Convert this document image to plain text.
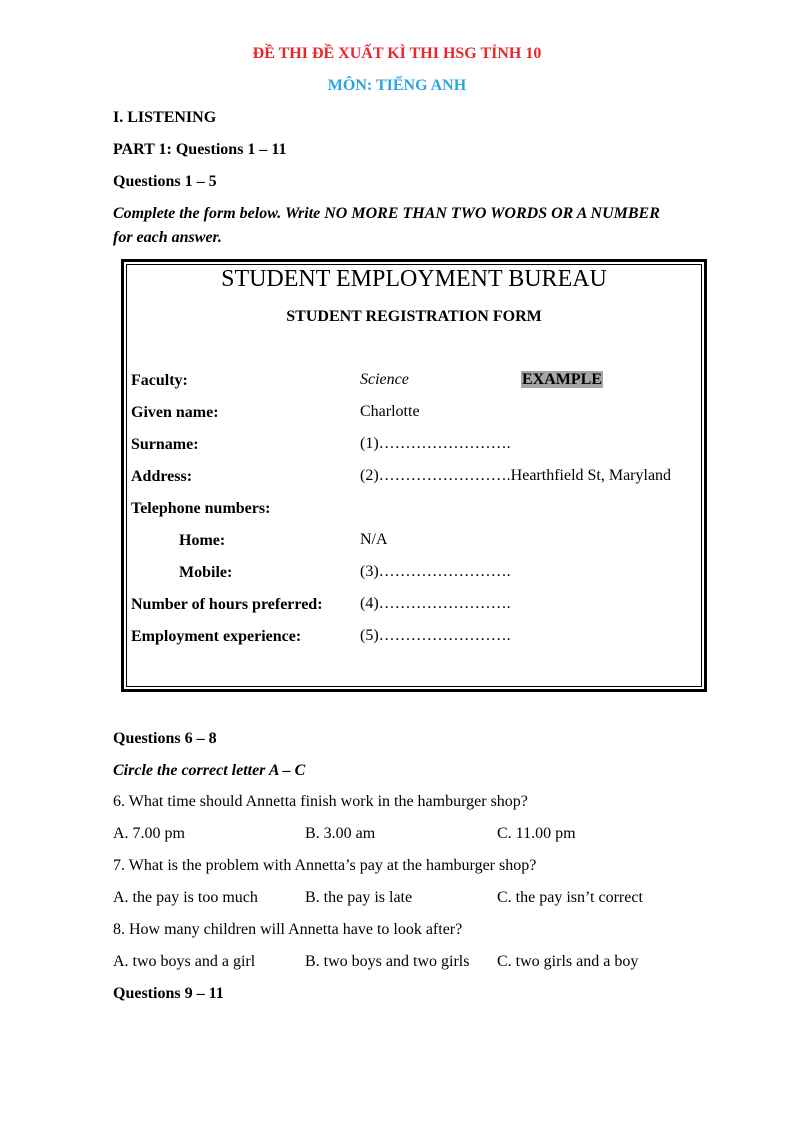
ĐỀ THI ĐỀ XUẤT KÌ THI HSG TỈNH 10
MÔN: TIẾNG ANH
I. LISTENING
PART 1: Questions 1 – 11
Questions 1 – 5
Complete the form below. Write NO MORE THAN TWO WORDS OR A NUMBER
for each answer.
STUDENT EMPLOYMENT BUREAU
STUDENT REGISTRATION FORM
Faculty:	Science	EXAMPLE
Given name:	Charlotte
Surname:	(1)…………………….
Address:	(2)…………………….Hearthfield St, Maryland
Telephone numbers:
Home:	N/A
Mobile:	(3)…………………….
Number of hours preferred: (4)…………………….
Employment experience:	(5)…………………….
Questions 6 – 8
Circle the correct letter A – C
6. What time should Annetta finish work in the hamburger shop?
A. 7.00 pm	B. 3.00 am	C. 11.00 pm
7. What is the problem with Annetta’s pay at the hamburger shop?
A. the pay is too much	B. the pay is late	C. the pay isn’t correct
8. How many children will Annetta have to look after?
A. two boys and a girl	B. two boys and two girls C. two girls and a boy
Questions 9 – 11
